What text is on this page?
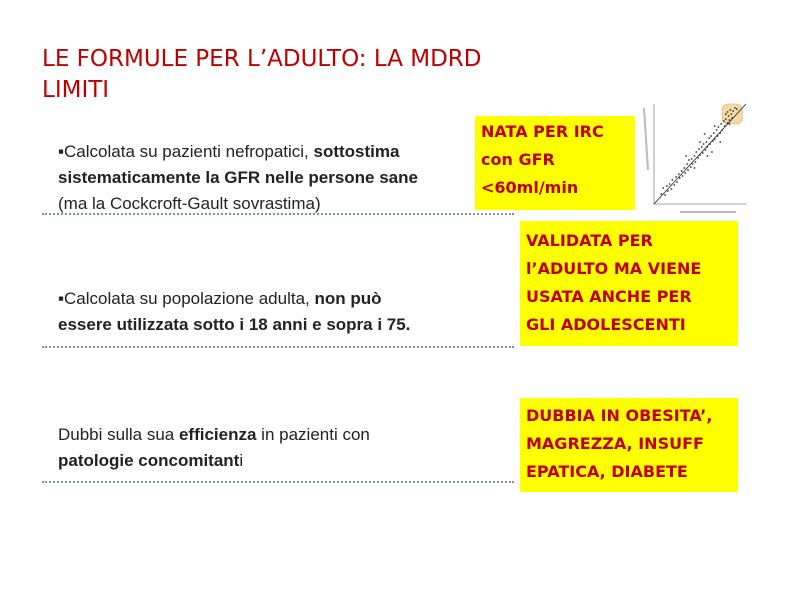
LE FORMULE PER L’ADULTO: LA MDRD
LIMITI
▪Calcolata su pazienti nefropatici, sottostima
sistematicamente la GFR nelle persone sane
(ma la Cockcroft-Gault sovrastima)
▪Calcolata su popolazione adulta, non può
essere utilizzata sotto i 18 anni e sopra i 75.
Dubbi sulla sua efficienza in pazienti con
patologie concomitanti
NATA PER IRC
con GFR
<60ml/min
VALIDATA PER
l’ADULTO MA VIENE
USATA ANCHE PER
GLI ADOLESCENTI
DUBBIA IN OBESITA’,
MAGREZZA, INSUFF
EPATICA, DIABETE
